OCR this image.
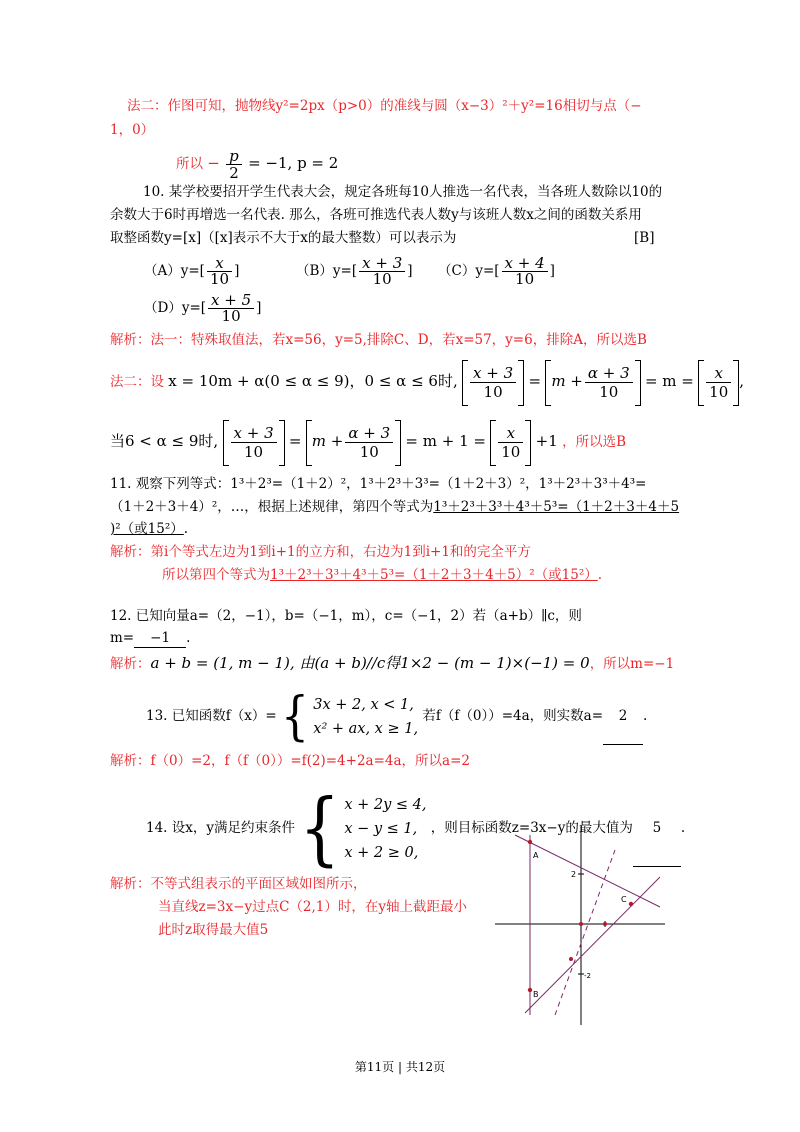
法二：作图可知，抛物线y²=2px（p>0）的准线与圆（x−3）²＋y²=16相切与点（−
1，0）
所以 − $\frac{p}{2} = -1$, p = 2
10. 某学校要招开学生代表大会，规定各班每10人推选一名代表，当各班人数除以10的
余数大于6时再增选一名代表. 那么，各班可推选代表人数y与该班人数x之间的函数关系用
取整函数y=[x]（[x]表示不大于x的最大整数）可以表示为	[B]
$(A)y=[ \frac{x}{10}$ ]	$(B)y=[ \frac{x + 3}{10}$ ] $(C)y=[ \frac{x + 4}{10}$ ]
$(D)y=[ \frac{x + 5}{10}$ ]
解析：法一：特殊取值法，若x=56，y=5,排除C、D，若x=57，y=6，排除A，所以选B
法二：设 x = 10m + α(0 ≤ α ≤ 9)，0 ≤ α ≤ 6时, $\frac{x + 3}{10} = m + \frac{\alpha + 3}{10} = m = \frac{x}{10}$ ,
当6 < α ≤ 9时, $\frac{x + 3}{10} = m + \frac{\alpha + 3}{10} = m + 1 = \frac{x}{10} +1$ ，所以选B
11. 观察下列等式：1³＋2³=（1＋2）²，1³＋2³＋3³=（1＋2＋3）²，1³＋2³＋3³＋4³=
（1＋2＋3＋4）²，…，根据上述规律，第四个等式为1³＋2³＋3³＋4³＋5³=（1＋2＋3＋4＋5
)²（或15²）.
解析：第i个等式左边为1到i+1的立方和，右边为1到i+1和的完全平方
所以第四个等式为1³＋2³＋3³＋4³＋5³=（1＋2＋3＋4＋5）²（或15²）.
12. 已知向量a=（2，−1），b=（−1，m），c=（−1，2）若（a+b）∥c，则
m= −1 .
解析：a + b = (1, m − 1), 由(a + b)//c得1×2 − (m − 1)×(−1) = 0，所以m=−1
13. 已知函数f（x）= { 3x + 2, x < 1,
x² + ax, x ≥ 1,
若f（f（0））=4a，则实数a= 2 .
解析：f（0）=2，f（f（0））=f(2)=4+2a=4a，所以a=2
14. 设x，y满足约束条件 { x + 2y ≤ 4,
x − y ≤ 1,
x + 2 ≥ 0,
，则目标函数z=3x−y的最大值为 5 .
解析：不等式组表示的平面区域如图所示，
当直线z=3x−y过点C（2,1）时，在y轴上截距最小
此时z取得最大值5
A
B
C
2
-2
第11页 | 共12页
